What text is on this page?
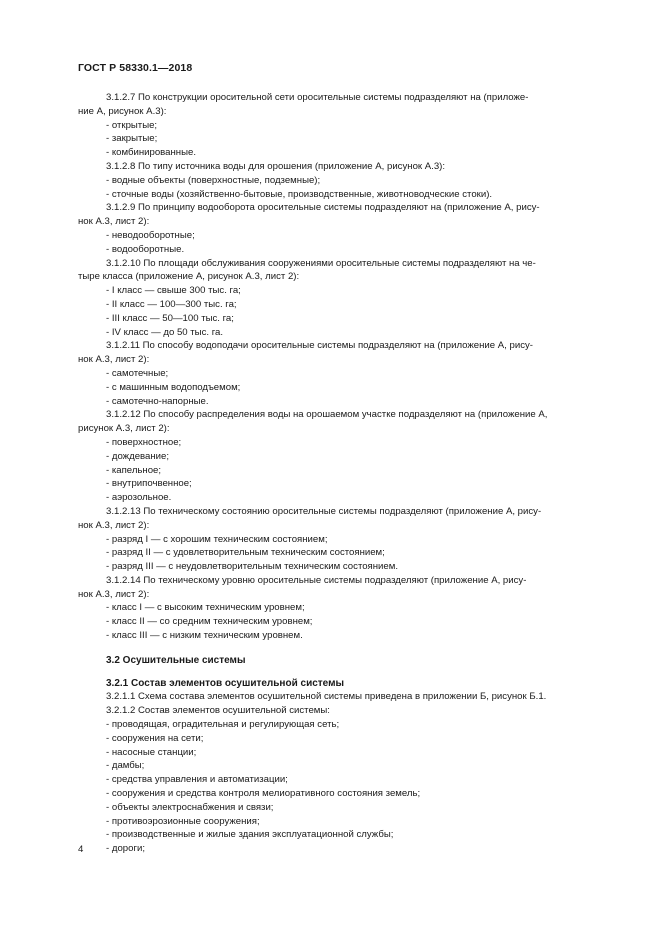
ГОСТ Р 58330.1—2018

3.1.2.7 По конструкции оросительной сети оросительные системы подразделяют на (приложе-

ние А, рисунок А.3):

- открытые;

- закрытые;

- комбинированные.

3.1.2.8 По типу источника воды для орошения (приложение А, рисунок А.3):

- водные объекты (поверхностные, подземные);

- сточные воды (хозяйственно-бытовые, производственные, животноводческие стоки).

3.1.2.9 По принципу водооборота оросительные системы подразделяют на (приложение А, рису-

нок А.3, лист 2):

- неводооборотные;

- водооборотные.

3.1.2.10 По площади обслуживания сооружениями оросительные системы подразделяют на че-

тыре класса (приложение А, рисунок А.3, лист 2):

- I класс — свыше 300 тыс. га;

- II класс — 100—300 тыс. га;

- III класс — 50—100 тыс. га;

- IV класс — до 50 тыс. га.

3.1.2.11 По способу водоподачи оросительные системы подразделяют на (приложение А, рису-

нок А.3, лист 2):

- самотечные;

- с машинным водоподъемом;

- самотечно-напорные.

3.1.2.12 По способу распределения воды на орошаемом участке подразделяют на (приложение А,

рисунок А.3, лист 2):

- поверхностное;

- дождевание;

- капельное;

- внутрипочвенное;

- аэрозольное.

3.1.2.13 По техническому состоянию оросительные системы подразделяют (приложение А, рису-

нок А.3, лист 2):

- разряд I — с хорошим техническим состоянием;

- разряд II — с удовлетворительным техническим состоянием;

- разряд III — с неудовлетворительным техническим состоянием.

3.1.2.14 По техническому уровню оросительные системы подразделяют (приложение А, рису-

нок А.3, лист 2):

- класс I — с высоким техническим уровнем;

- класс II — со средним техническим уровнем;

- класс III — с низким техническим уровнем.

3.2 Осушительные системы

3.2.1 Состав элементов осушительной системы

3.2.1.1 Схема состава элементов осушительной системы приведена в приложении Б, рисунок Б.1.

3.2.1.2 Состав элементов осушительной системы:

- проводящая, оградительная и регулирующая сеть;

- сооружения на сети;

- насосные станции;

- дамбы;

- средства управления и автоматизации;

- сооружения и средства контроля мелиоративного состояния земель;

- объекты электроснабжения и связи;

- противоэрозионные сооружения;

- производственные и жилые здания эксплуатационной службы;

- дороги;

4
